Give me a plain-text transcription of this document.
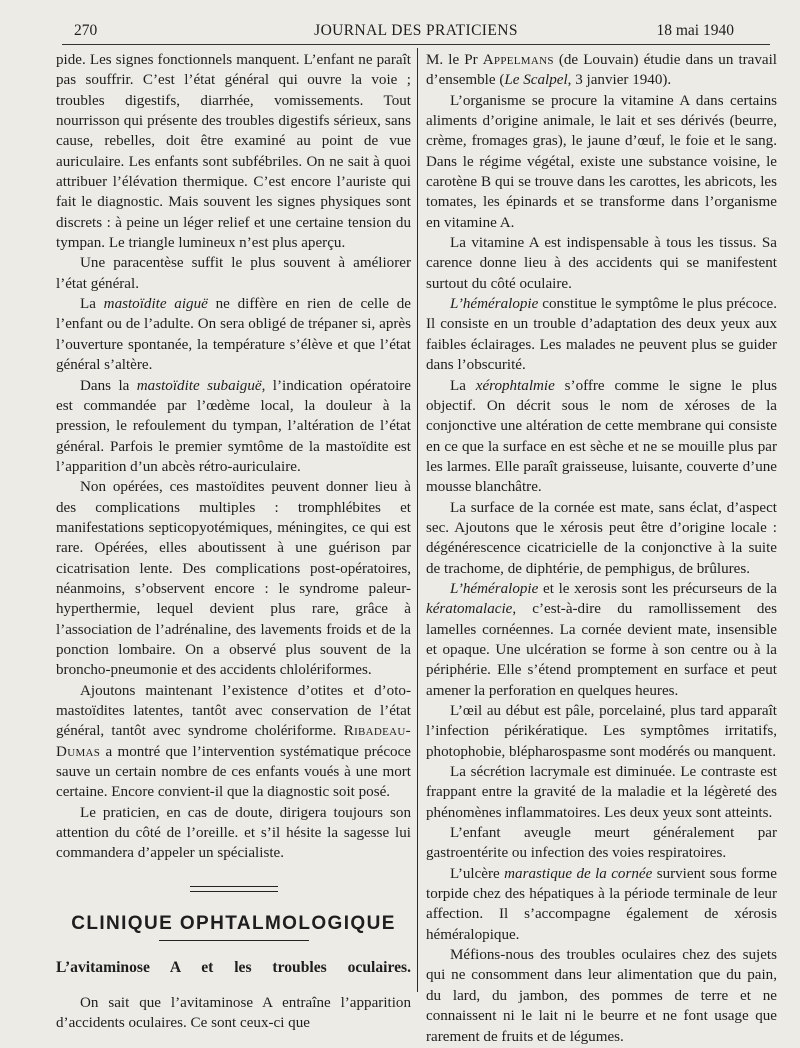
270	JOURNAL DES PRATICIENS	18 mai 1940

pide. Les signes fonctionnels manquent. L’enfant ne paraît pas souffrir. C’est l’état général qui ouvre la voie ; troubles digestifs, diarrhée, vomissements. Tout nourrisson qui présente des troubles digestifs sérieux, sans cause, rebelles, doit être examiné au point de vue auriculaire. Les enfants sont subfébriles. On ne sait à quoi attribuer l’élévation thermique. C’est encore l’auriste qui fait le diagnostic. Mais souvent les signes physiques sont discrets : à peine un léger relief et une certaine tension du tympan. Le triangle lumineux n’est plus aperçu.

Une paracentèse suffit le plus souvent à améliorer l’état général.

La mastoïdite aiguë ne diffère en rien de celle de l’enfant ou de l’adulte. On sera obligé de trépaner si, après l’ouverture spontanée, la température s’élève et que l’état général s’altère.

Dans la mastoïdite subaiguë, l’indication opératoire est commandée par l’œdème local, la douleur à la pression, le refoulement du tympan, l’altération de l’état général. Parfois le premier symtôme de la mastoïdite est l’apparition d’un abcès rétro-auriculaire.

Non opérées, ces mastoïdites peuvent donner lieu à des complications multiples : tromphlébites et manifestations septicopyotémiques, méningites, ce qui est rare. Opérées, elles aboutissent à une guérison par cicatrisation lente. Des complications post-opératoires, néanmoins, s’observent encore : le syndrome paleur-hyperthermie, lequel devient plus rare, grâce à l’association de l’adrénaline, des lavements froids et de la ponction lombaire. On a observé plus souvent de la broncho-pneumonie et des accidents chlolériformes.

Ajoutons maintenant l’existence d’otites et d’oto-mastoïdites latentes, tantôt avec conservation de l’état général, tantôt avec syndrome cholériforme. Ribadeau-Dumas a montré que l’intervention systématique précoce sauve un certain nombre de ces enfants voués à une mort certaine. Encore convient-il que la diagnostic soit posé.

Le praticien, en cas de doute, dirigera toujours son attention du côté de l’oreille. et s’il hésite la sagesse lui commandera d’appeler un spécialiste.

CLINIQUE OPHTALMOLOGIQUE
L’avitaminose A et les troubles oculaires.

On sait que l’avitaminose A entraîne l’apparition d’accidents oculaires. Ce sont ceux-ci que

M. le Pr Appelmans (de Louvain) étudie dans un travail d’ensemble (Le Scalpel, 3 janvier 1940).

L’organisme se procure la vitamine A dans certains aliments d’origine animale, le lait et ses dérivés (beurre, crème, fromages gras), le jaune d’œuf, le foie et le sang. Dans le régime végétal, existe une substance voisine, le carotène B qui se trouve dans les carottes, les abricots, les tomates, les épinards et se transforme dans l’organisme en vitamine A.

La vitamine A est indispensable à tous les tissus. Sa carence donne lieu à des accidents qui se manifestent surtout du côté oculaire.

L’héméralopie constitue le symptôme le plus précoce. Il consiste en un trouble d’adaptation des deux yeux aux faibles éclairages. Les malades ne peuvent plus se guider dans l’obscurité.

La xérophtalmie s’offre comme le signe le plus objectif. On décrit sous le nom de xéroses de la conjonctive une altération de cette membrane qui consiste en ce que la surface en est sèche et ne se mouille plus par les larmes. Elle paraît graisseuse, luisante, couverte d’une mousse blanchâtre.

La surface de la cornée est mate, sans éclat, d’aspect sec. Ajoutons que le xérosis peut être d’origine locale : dégénérescence cicatricielle de la conjonctive à la suite de trachome, de diphtérie, de pemphigus, de brûlures.

L’héméralopie et le xerosis sont les précurseurs de la kératomalacie, c’est-à-dire du ramollissement des lamelles cornéennes. La cornée devient mate, insensible et opaque. Une ulcération se forme à son centre ou à la périphérie. Elle s’étend promptement en surface et peut amener la perforation en quelques heures.

L’œil au début est pâle, porcelainé, plus tard apparaît l’infection périkératique. Les symptômes irritatifs, photophobie, blépharospasme sont modérés ou manquent.

La sécrétion lacrymale est diminuée. Le contraste est frappant entre la gravité de la maladie et la légèreté des phénomènes inflammatoires. Les deux yeux sont atteints.

L’enfant aveugle meurt généralement par gastroentérite ou infection des voies respiratoires.

L’ulcère marastique de la cornée survient sous forme torpide chez des hépatiques à la période terminale de leur affection. Il s’accompagne également de xérosis héméralopique.

Méfions-nous des troubles oculaires chez des sujets qui ne consomment dans leur alimentation que du pain, du lard, du jambon, des pommes de terre et ne connaissent ni le lait ni le beurre et ne font usage que rarement de fruits et de légumes.
